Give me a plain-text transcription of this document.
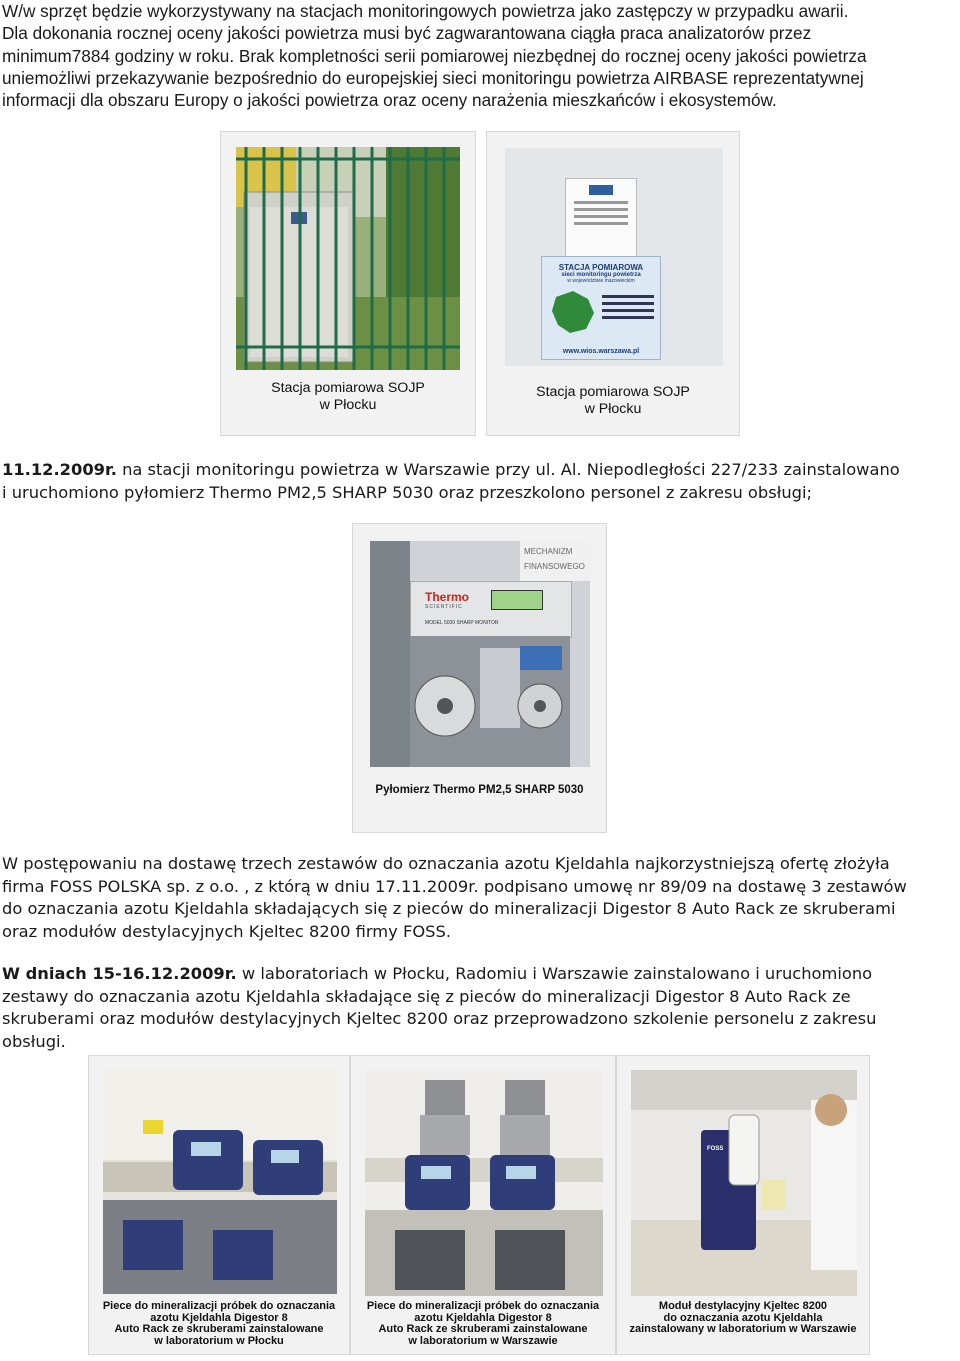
W/w sprzęt będzie wykorzystywany na stacjach monitoringowych powietrza jako zastępczy w przypadku awarii.

Dla dokonania rocznej oceny jakości powietrza musi być zagwarantowana ciągła praca analizatorów przez

minimum7884 godziny w roku. Brak kompletności serii pomiarowej niezbędnej do rocznej oceny jakości powietrza

uniemożliwi przekazywanie bezpośrednio do europejskiej sieci monitoringu powietrza AIRBASE reprezentatywnej

informacji dla obszaru Europy o jakości powietrza oraz oceny narażenia mieszkańców i ekosystemów.

Stacja pomiarowa SOJP
w Płocku
STACJA POMIAROWA
sieci monitoringu powietrza
w województwie mazowieckim
www.wios.warszawa.pl
Stacja pomiarowa SOJP
w Płocku

11.12.2009r. na stacji monitoringu powietrza w Warszawie przy ul. Al. Niepodległości 227/233 zainstalowano

i uruchomiono pyłomierz Thermo PM2,5 SHARP 5030 oraz przeszkolono personel z zakresu obsługi;

MECHANIZM
FINANSOWEGO
Thermo
SCIENTIFIC
MODEL 5030 SHARP MONITOR
Pyłomierz Thermo PM2,5 SHARP 5030

W postępowaniu na dostawę trzech zestawów do oznaczania azotu Kjeldahla najkorzystniejszą ofertę złożyła

firma FOSS POLSKA sp. z o.o. , z którą w dniu 17.11.2009r. podpisano umowę nr 89/09 na dostawę 3 zestawów

do oznaczania azotu Kjeldahla składających się z pieców do mineralizacji Digestor 8 Auto Rack ze skruberami

oraz modułów destylacyjnych Kjeltec 8200 firmy FOSS.

W dniach 15-16.12.2009r. w laboratoriach w Płocku, Radomiu i Warszawie zainstalowano i uruchomiono

zestawy do oznaczania azotu Kjeldahla składające się z pieców do mineralizacji Digestor 8 Auto Rack ze

skruberami oraz modułów destylacyjnych Kjeltec 8200 oraz przeprowadzono szkolenie personelu z zakresu

obsługi.

Piece do mineralizacji próbek do oznaczania
azotu Kjeldahla Digestor 8
Auto Rack ze skruberami zainstalowane
w laboratorium w Płocku
Piece do mineralizacji próbek do oznaczania
azotu Kjeldahla Digestor 8
Auto Rack ze skruberami zainstalowane
w laboratorium w Warszawie
Moduł destylacyjny Kjeltec 8200
do oznaczania azotu Kjeldahla
zainstalowany w laboratorium w Warszawie
FOSS
